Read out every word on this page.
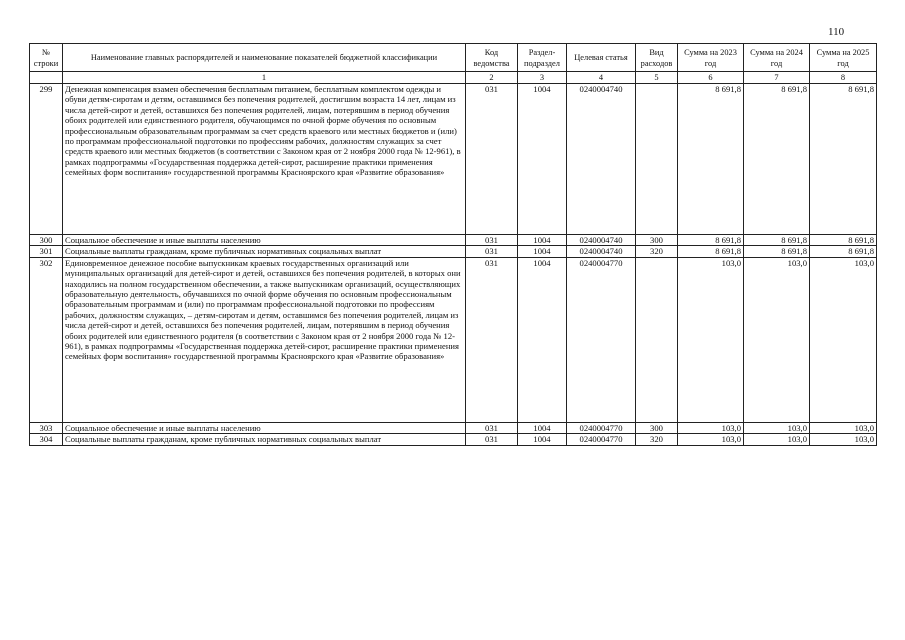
110
№ строки	Наименование главных распорядителей и наименование показателей бюджетной классификации	Код ведомства	Раздел-подраздел	Целевая статья	Вид расходов	Сумма на 2023 год	Сумма на 2024 год	Сумма на 2025 год
	1	2	3	4	5	6	7	8
299	Денежная компенсация взамен обеспечения бесплатным питанием, бесплатным комплектом одежды и обуви детям-сиротам и детям, оставшимся без попечения родителей, достигшим возраста 14 лет, лицам из числа детей-сирот и детей, оставшихся без попечения родителей, лицам, потерявшим в период обучения обоих родителей или единственного родителя, обучающимся по очной форме обучения по основным профессиональным образовательным программам за счет средств краевого или местных бюджетов и (или) по программам профессиональной подготовки по профессиям рабочих, должностям служащих за счет средств краевого или местных бюджетов (в соответствии с Законом края от 2 ноября 2000 года № 12-961), в рамках подпрограммы «Государственная поддержка детей-сирот, расширение практики применения семейных форм воспитания» государственной программы Красноярского края «Развитие образования»	031	1004	0240004740		8 691,8	8 691,8	8 691,8
300	Социальное обеспечение и иные выплаты населению	031	1004	0240004740	300	8 691,8	8 691,8	8 691,8
301	Социальные выплаты гражданам, кроме публичных нормативных социальных выплат	031	1004	0240004740	320	8 691,8	8 691,8	8 691,8
302	Единовременное денежное пособие выпускникам краевых государственных организаций или муниципальных организаций для детей-сирот и детей, оставшихся без попечения родителей, в которых они находились на полном государственном обеспечении, а также выпускникам организаций, осуществляющих образовательную деятельность, обучавшихся по очной форме обучения по основным профессиональным образовательным программам и (или) по программам профессиональной подготовки по профессиям рабочих, должностям служащих, – детям-сиротам и детям, оставшимся без попечения родителей, лицам из числа детей-сирот и детей, оставшихся без попечения родителей, лицам, потерявшим в период обучения обоих родителей или единственного родителя (в соответствии с Законом края от 2 ноября 2000 года № 12-961), в рамках подпрограммы «Государственная поддержка детей-сирот, расширение практики применения семейных форм воспитания» государственной программы Красноярского края «Развитие образования»	031	1004	0240004770		103,0	103,0	103,0
303	Социальное обеспечение и иные выплаты населению	031	1004	0240004770	300	103,0	103,0	103,0
304	Социальные выплаты гражданам, кроме публичных нормативных социальных выплат	031	1004	0240004770	320	103,0	103,0	103,0
